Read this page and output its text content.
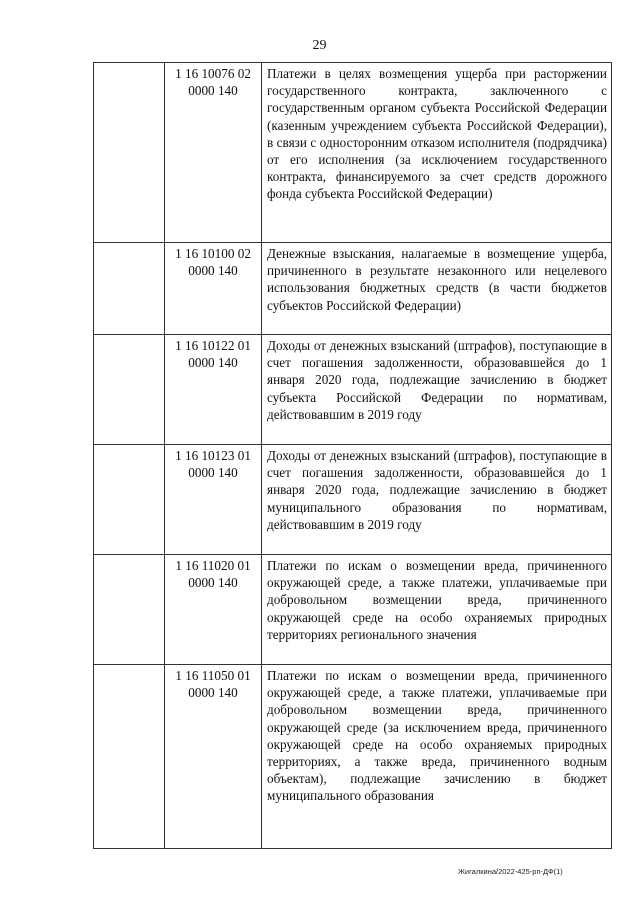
29

	1 16 10076 02
0000 140	Платежи в целях возмещения ущерба при расторжении государственного контракта, заключенного с государственным органом субъекта Российской Федерации (казенным учреждением субъекта Российской Федерации), в связи с односторонним отказом исполнителя (подрядчика) от его исполнения (за исключением государственного контракта, финансируемого за счет средств дорожного фонда субъекта Российской Федерации)

	1 16 10100 02
0000 140	Денежные взыскания, налагаемые в возмещение ущерба, причиненного в результате незаконного или нецелевого использования бюджетных средств (в части бюджетов субъектов Российской Федерации)

	1 16 10122 01
0000 140	Доходы от денежных взысканий (штрафов), поступающие в счет погашения задолженности, образовавшейся до 1 января 2020 года, подлежащие зачислению в бюджет субъекта Российской Федерации по нормативам, действовавшим в 2019 году

	1 16 10123 01
0000 140	Доходы от денежных взысканий (штрафов), поступающие в счет погашения задолженности, образовавшейся до 1 января 2020 года, подлежащие зачислению в бюджет муниципального образования по нормативам, действовавшим в 2019 году

	1 16 11020 01
0000 140	Платежи по искам о возмещении вреда, причиненного окружающей среде, а также платежи, уплачиваемые при добровольном возмещении вреда, причиненного окружающей среде на особо охраняемых природных территориях регионального значения

	1 16 11050 01
0000 140	Платежи по искам о возмещении вреда, причиненного окружающей среде, а также платежи, уплачиваемые при добровольном возмещении вреда, причиненного окружающей среде (за исключением вреда, причиненного окружающей среде на особо охраняемых природных территориях, а также вреда, причиненного водным объектам), подлежащие зачислению в бюджет муниципального образования
Жигалкина/2022-425-рп-ДФ(1)
